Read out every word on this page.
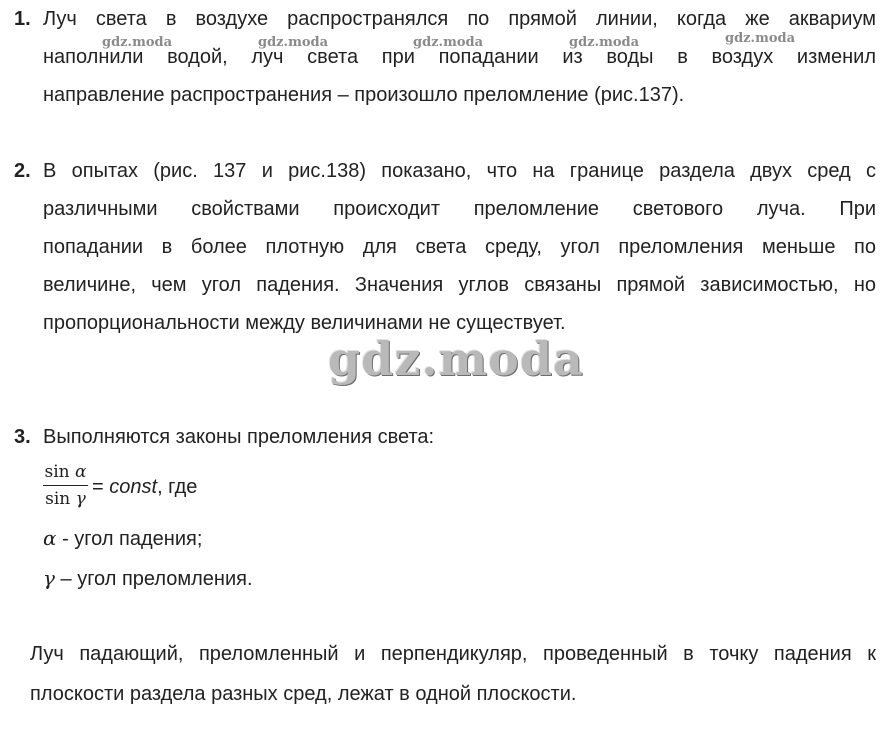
gdz.moda	gdz.moda	gdz.moda	gdz.moda	gdz.moda
1. Луч света в воздухе распространялся по прямой линии, когда же аквариум
наполнили водой, луч света при попадании из воды в воздух изменил
направление распространения – произошло преломление (рис.137).
2. В опытах (рис. 137 и рис.138) показано, что на границе раздела двух сред с
различными свойствами происходит преломление светового луча. При
попадании в более плотную для света среду, угол преломления меньше по
величине, чем угол падения. Значения углов связаны прямой зависимостью, но
пропорциональности между величинами не существует.
gdz.moda
3. Выполняются законы преломления света:
sin α
sin γ
= const, где
α - угол падения;
γ – угол преломления.
Луч падающий, преломленный и перпендикуляр, проведенный в точку падения к
плоскости раздела разных сред, лежат в одной плоскости.
